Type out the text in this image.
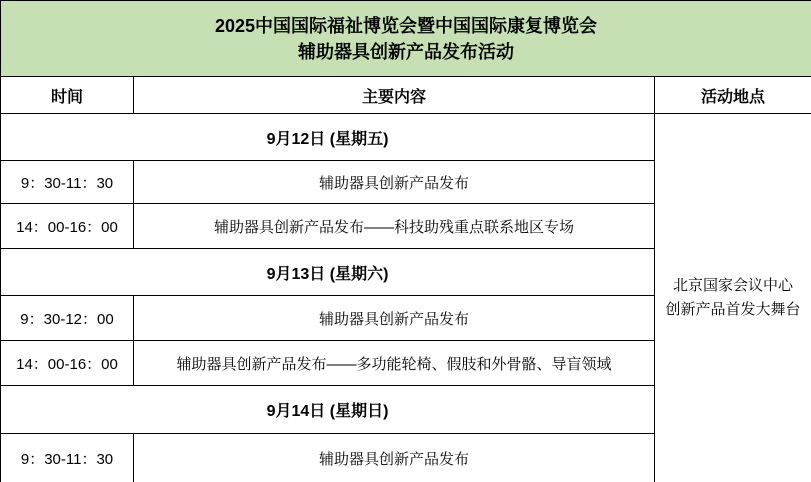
2025中国国际福祉博览会暨中国国际康复博览会
辅助器具创新产品发布活动		

时间	主要内容	活动地点
9月12日 (星期五)		北京国家会议中心
创新产品首发大舞台

9：30-11：30	辅助器具创新产品发布	
14：00-16：00	辅助器具创新产品发布——科技助残重点联系地区专场	
9月13日 (星期六)		
9：30-12：00	辅助器具创新产品发布	
14：00-16：00	辅助器具创新产品发布——多功能轮椅、假肢和外骨骼、导盲领域	
9月14日 (星期日)		
9：30-11：30	辅助器具创新产品发布	
